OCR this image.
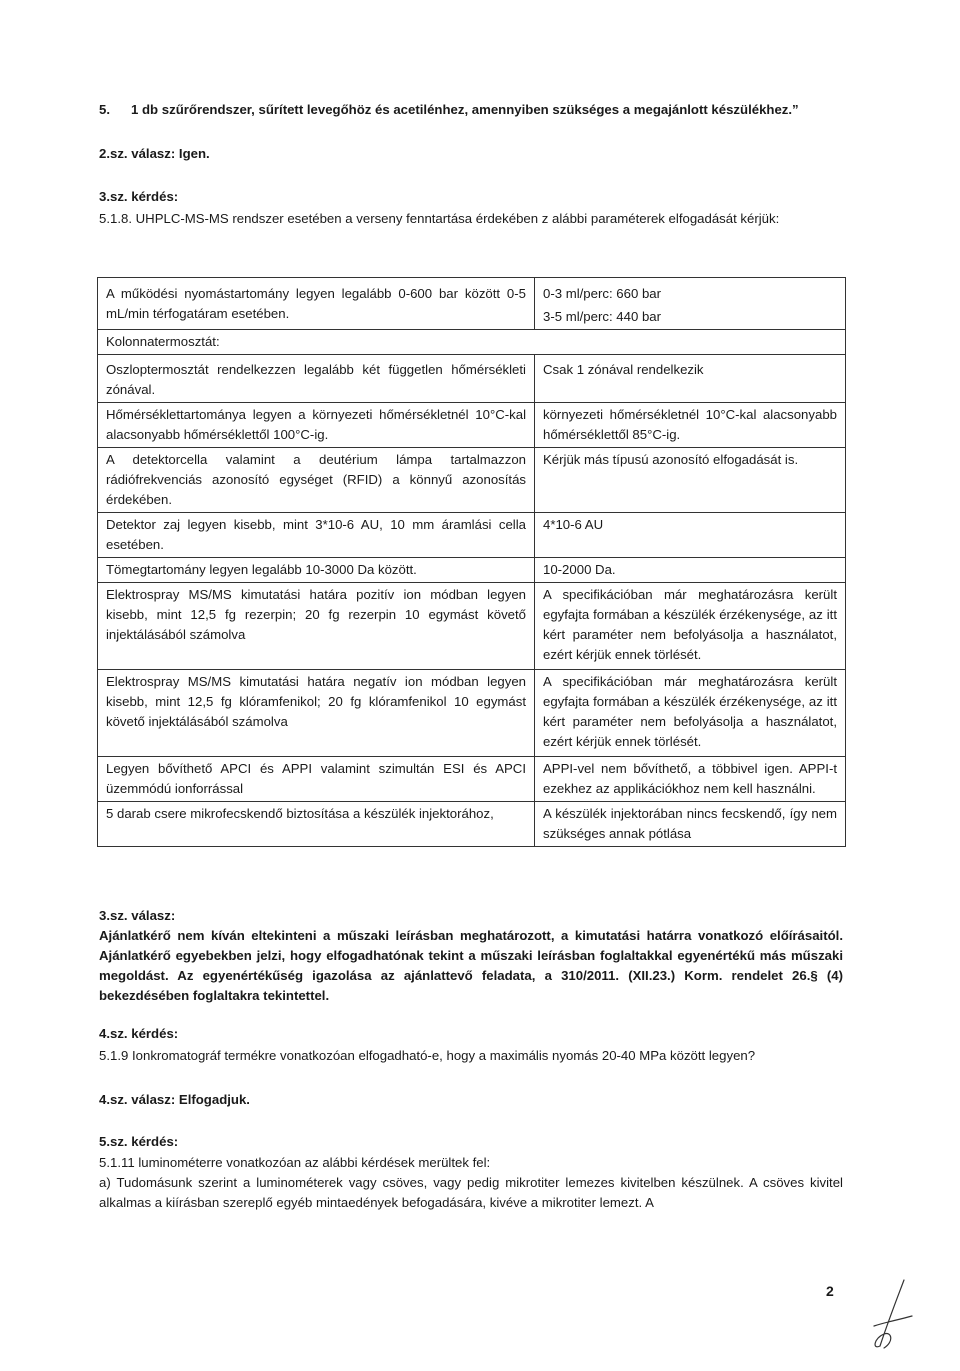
5.	1 db szűrőrendszer, sűrített levegőhöz és acetilénhez, amennyiben szükséges a megajánlott készülékhez.”
2.sz. válasz: Igen.
3.sz. kérdés:
5.1.8. UHPLC-MS-MS rendszer esetében a verseny fenntartása érdekében z alábbi paraméterek elfogadását kérjük:
A működési nyomástartomány legyen legalább 0-600 bar között 0-5 mL/min térfogatáram esetében.	0-3 ml/perc: 660 bar
3-5 ml/perc: 440 bar

Kolonnatermosztát:	
Oszloptermosztát rendelkezzen legalább két független hőmérsékleti zónával.	Csak 1 zónával rendelkezik
Hőmérséklettartománya legyen a környezeti hőmérsékletnél 10°C-kal alacsonyabb hőmérséklettől 100°C-ig.	környezeti hőmérsékletnél 10°C-kal alacsonyabb hőmérséklettől 85°C-ig.
A detektorcella valamint a deutérium lámpa tartalmazzon rádiófrekvenciás azonosító egységet (RFID) a könnyű azonosítás érdekében.	Kérjük más típusú azonosító elfogadását is.
Detektor zaj legyen kisebb, mint 3*10-6 AU, 10 mm áramlási cella esetében.	4*10-6 AU
Tömegtartomány legyen legalább 10-3000 Da között.	10-2000 Da.
Elektrospray MS/MS kimutatási határa pozitív ion módban legyen kisebb, mint 12,5 fg rezerpin; 20 fg rezerpin 10 egymást követő injektálásából számolva	A specifikációban már meghatározásra került egyfajta formában a készülék érzékenysége, az itt kért paraméter nem befolyásolja a használatot, ezért kérjük ennek törlését.
Elektrospray MS/MS kimutatási határa negatív ion módban legyen kisebb, mint 12,5 fg klóramfenikol; 20 fg klóramfenikol 10 egymást követő injektálásából számolva	A specifikációban már meghatározásra került egyfajta formában a készülék érzékenysége, az itt kért paraméter nem befolyásolja a használatot, ezért kérjük ennek törlését.
Legyen bővíthető APCI és APPI valamint szimultán ESI és APCI üzemmódú ionforrással	APPI-vel nem bővíthető, a többivel igen. APPI-t ezekhez az applikációkhoz nem kell használni.
5 darab csere mikrofecskendő biztosítása a készülék injektorához,	A készülék injektorában nincs fecskendő, így nem szükséges annak pótlása
3.sz. válasz:
Ajánlatkérő nem kíván eltekinteni a műszaki leírásban meghatározott, a kimutatási határra vonatkozó előírásaitól. Ajánlatkérő egyebekben jelzi, hogy elfogadhatónak tekint a műszaki leírásban foglaltakkal egyenértékű más műszaki megoldást. Az egyenértékűség igazolása az ajánlattevő feladata, a 310/2011. (XII.23.) Korm. rendelet 26.§ (4) bekezdésében foglaltakra tekintettel.
4.sz. kérdés:
5.1.9 Ionkromatográf termékre vonatkozóan elfogadható-e, hogy a maximális nyomás 20-40 MPa között legyen?
4.sz. válasz: Elfogadjuk.
5.sz. kérdés:
5.1.11 luminométerre vonatkozóan az alábbi kérdések merültek fel:
a) Tudomásunk szerint a luminométerek vagy csöves, vagy pedig mikrotiter lemezes kivitelben készülnek. A csöves kivitel alkalmas a kiírásban szereplő egyéb mintaedények befogadására, kivéve a mikrotiter lemezt. A
2
